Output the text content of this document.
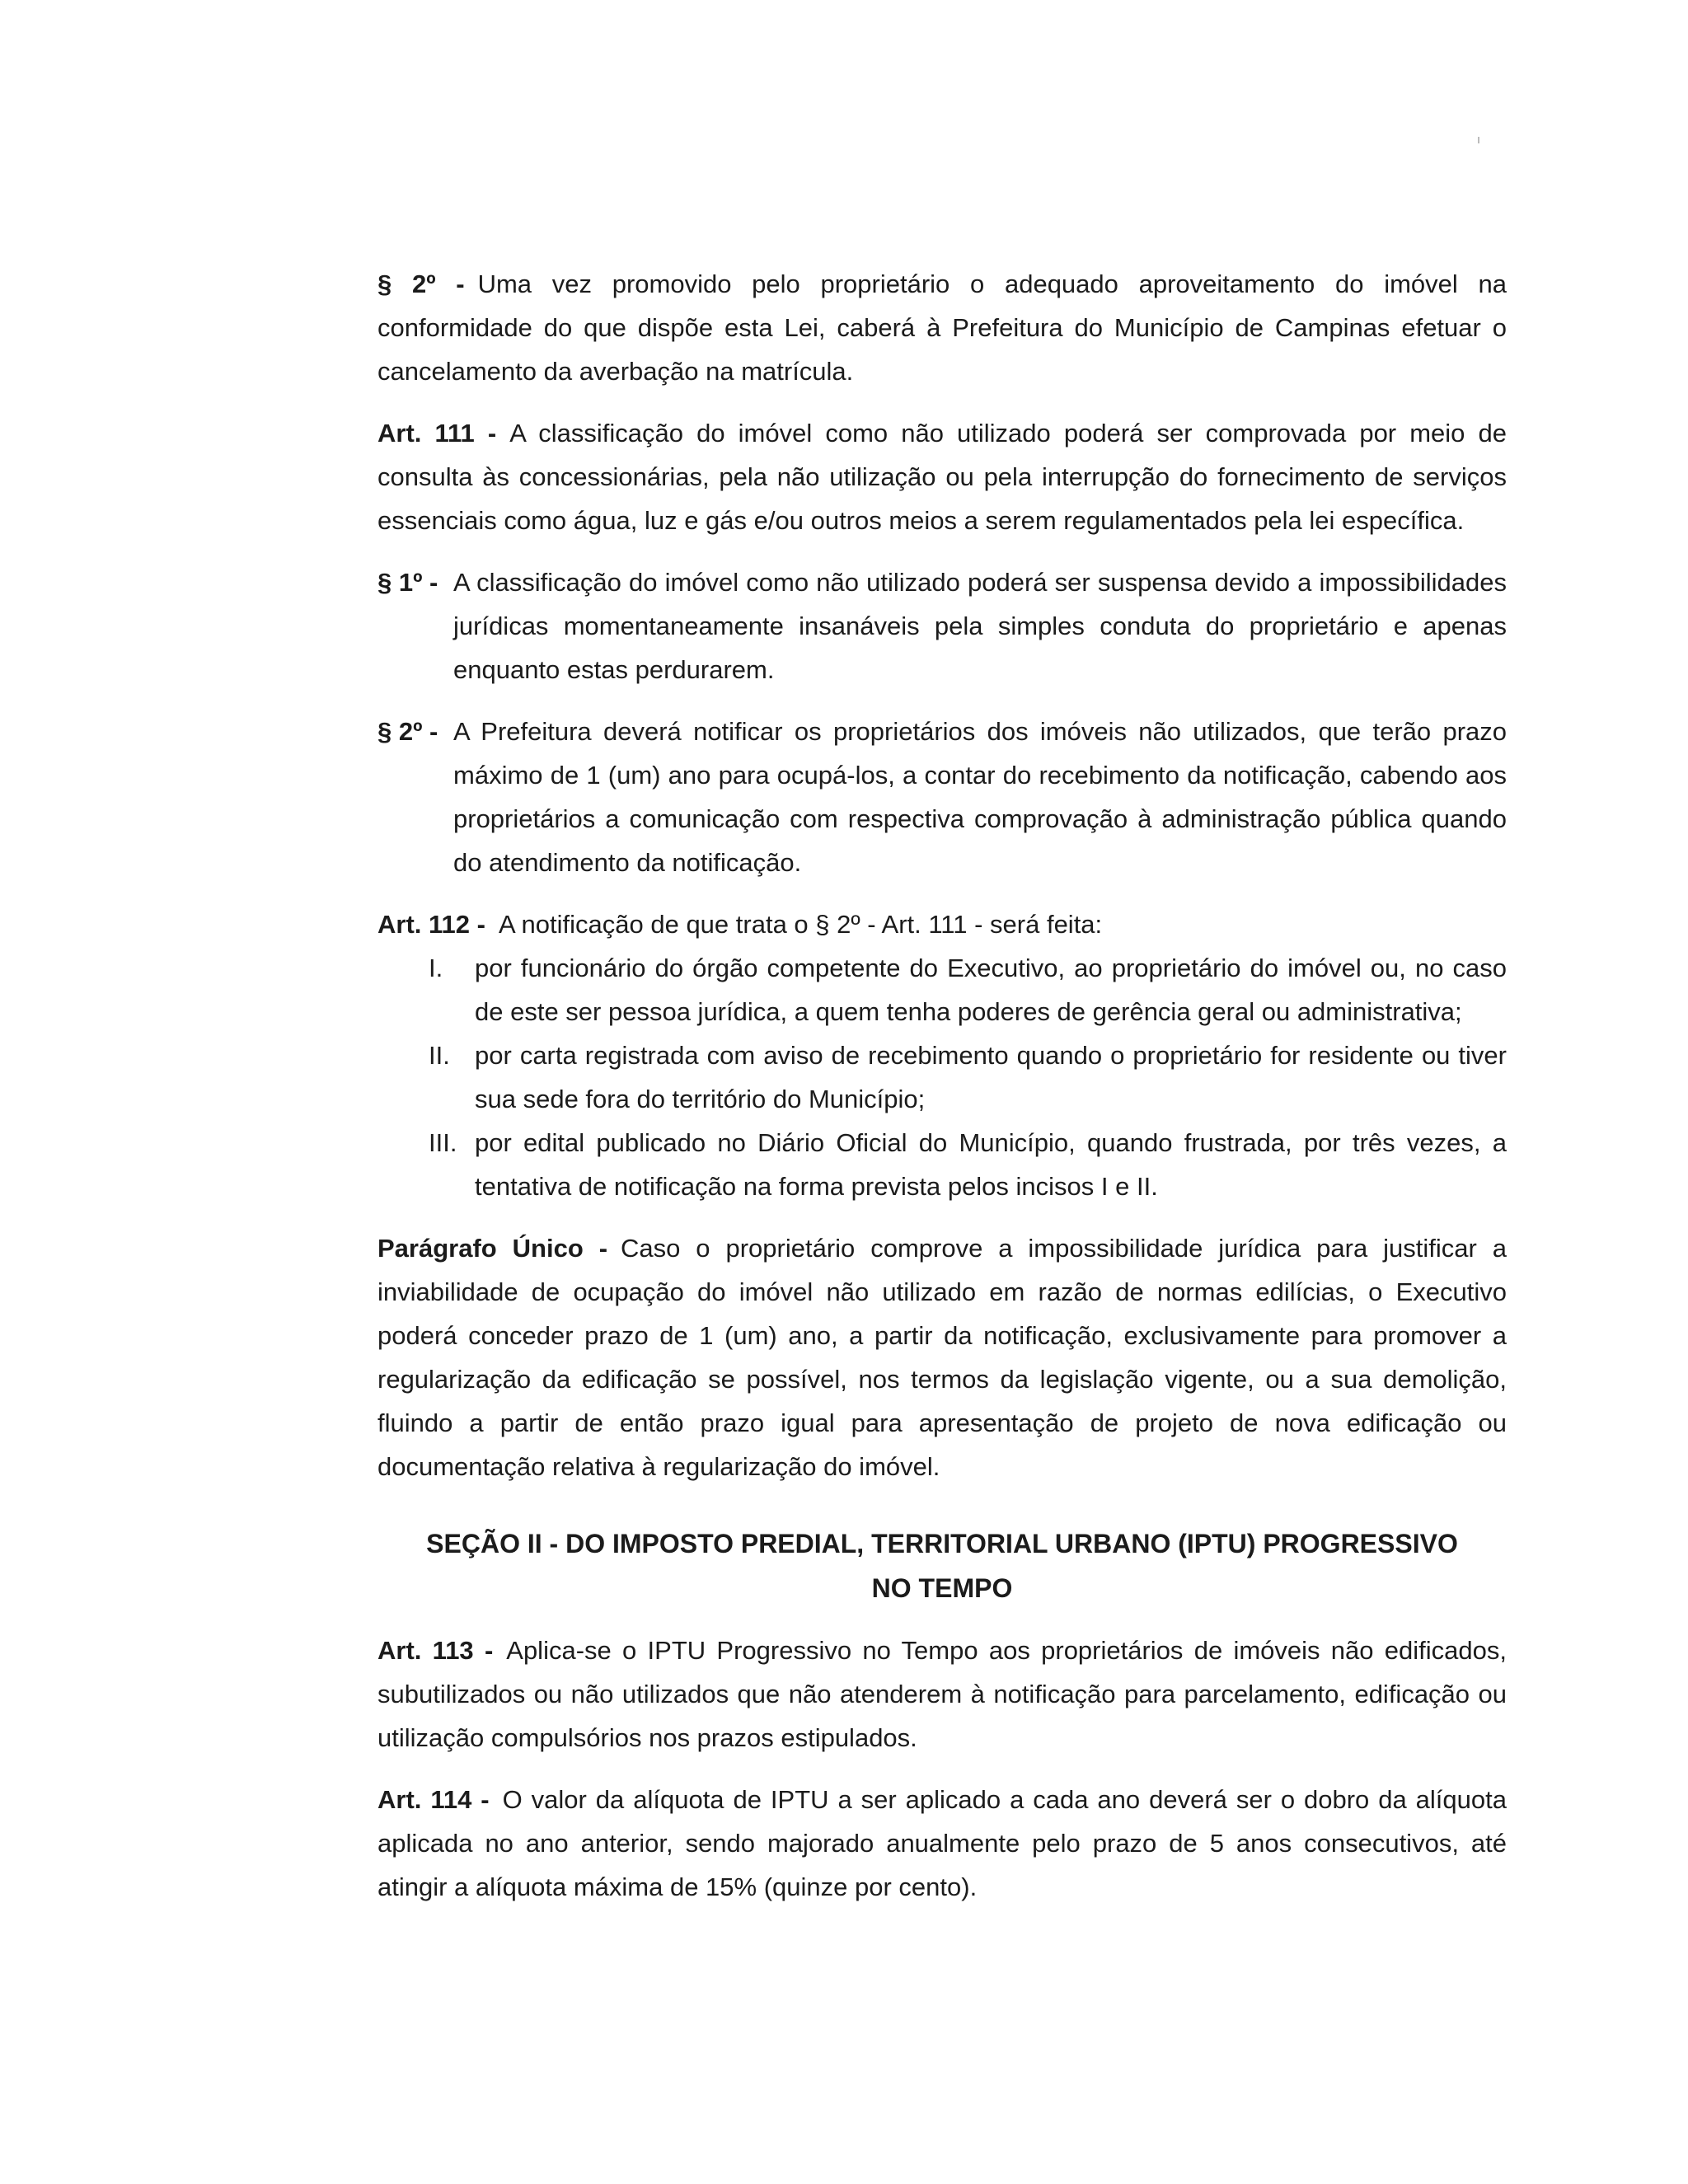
§ 2º - Uma vez promovido pelo proprietário o adequado aproveitamento do imóvel na conformidade do que dispõe esta Lei, caberá à Prefeitura do Município de Campinas efetuar o cancelamento da averbação na matrícula.

Art. 111 - A classificação do imóvel como não utilizado poderá ser comprovada por meio de consulta às concessionárias, pela não utilização ou pela interrupção do fornecimento de serviços essenciais como água, luz e gás e/ou outros meios a serem regulamentados pela lei específica.

§ 1º - A classificação do imóvel como não utilizado poderá ser suspensa devido a impossibilidades jurídicas momentaneamente insanáveis pela simples conduta do proprietário e apenas enquanto estas perdurarem.
§ 2º - A Prefeitura deverá notificar os proprietários dos imóveis não utilizados, que terão prazo máximo de 1 (um) ano para ocupá-los, a contar do recebimento da notificação, cabendo aos proprietários a comunicação com respectiva comprovação à administração pública quando do atendimento da notificação.

Art. 112 - A notificação de que trata o § 2º - Art. 111 - será feita:

I.	por funcionário do órgão competente do Executivo, ao proprietário do imóvel ou, no caso de este ser pessoa jurídica, a quem tenha poderes de gerência geral ou administrativa;
II. por carta registrada com aviso de recebimento quando o proprietário for residente ou tiver sua sede fora do território do Município;
III. por edital publicado no Diário Oficial do Município, quando frustrada, por três vezes, a tentativa de notificação na forma prevista pelos incisos I e II.

Parágrafo Único - Caso o proprietário comprove a impossibilidade jurídica para justificar a inviabilidade de ocupação do imóvel não utilizado em razão de normas edilícias, o Executivo poderá conceder prazo de 1 (um) ano, a partir da notificação, exclusivamente para promover a regularização da edificação se possível, nos termos da legislação vigente, ou a sua demolição, fluindo a partir de então prazo igual para apresentação de projeto de nova edificação ou documentação relativa à regularização do imóvel.

SEÇÃO II - DO IMPOSTO PREDIAL, TERRITORIAL URBANO (IPTU) PROGRESSIVO
NO TEMPO

Art. 113 - Aplica-se o IPTU Progressivo no Tempo aos proprietários de imóveis não edificados, subutilizados ou não utilizados que não atenderem à notificação para parcelamento, edificação ou utilização compulsórios nos prazos estipulados.

Art. 114 - O valor da alíquota de IPTU a ser aplicado a cada ano deverá ser o dobro da alíquota aplicada no ano anterior, sendo majorado anualmente pelo prazo de 5 anos consecutivos, até atingir a alíquota máxima de 15% (quinze por cento).
